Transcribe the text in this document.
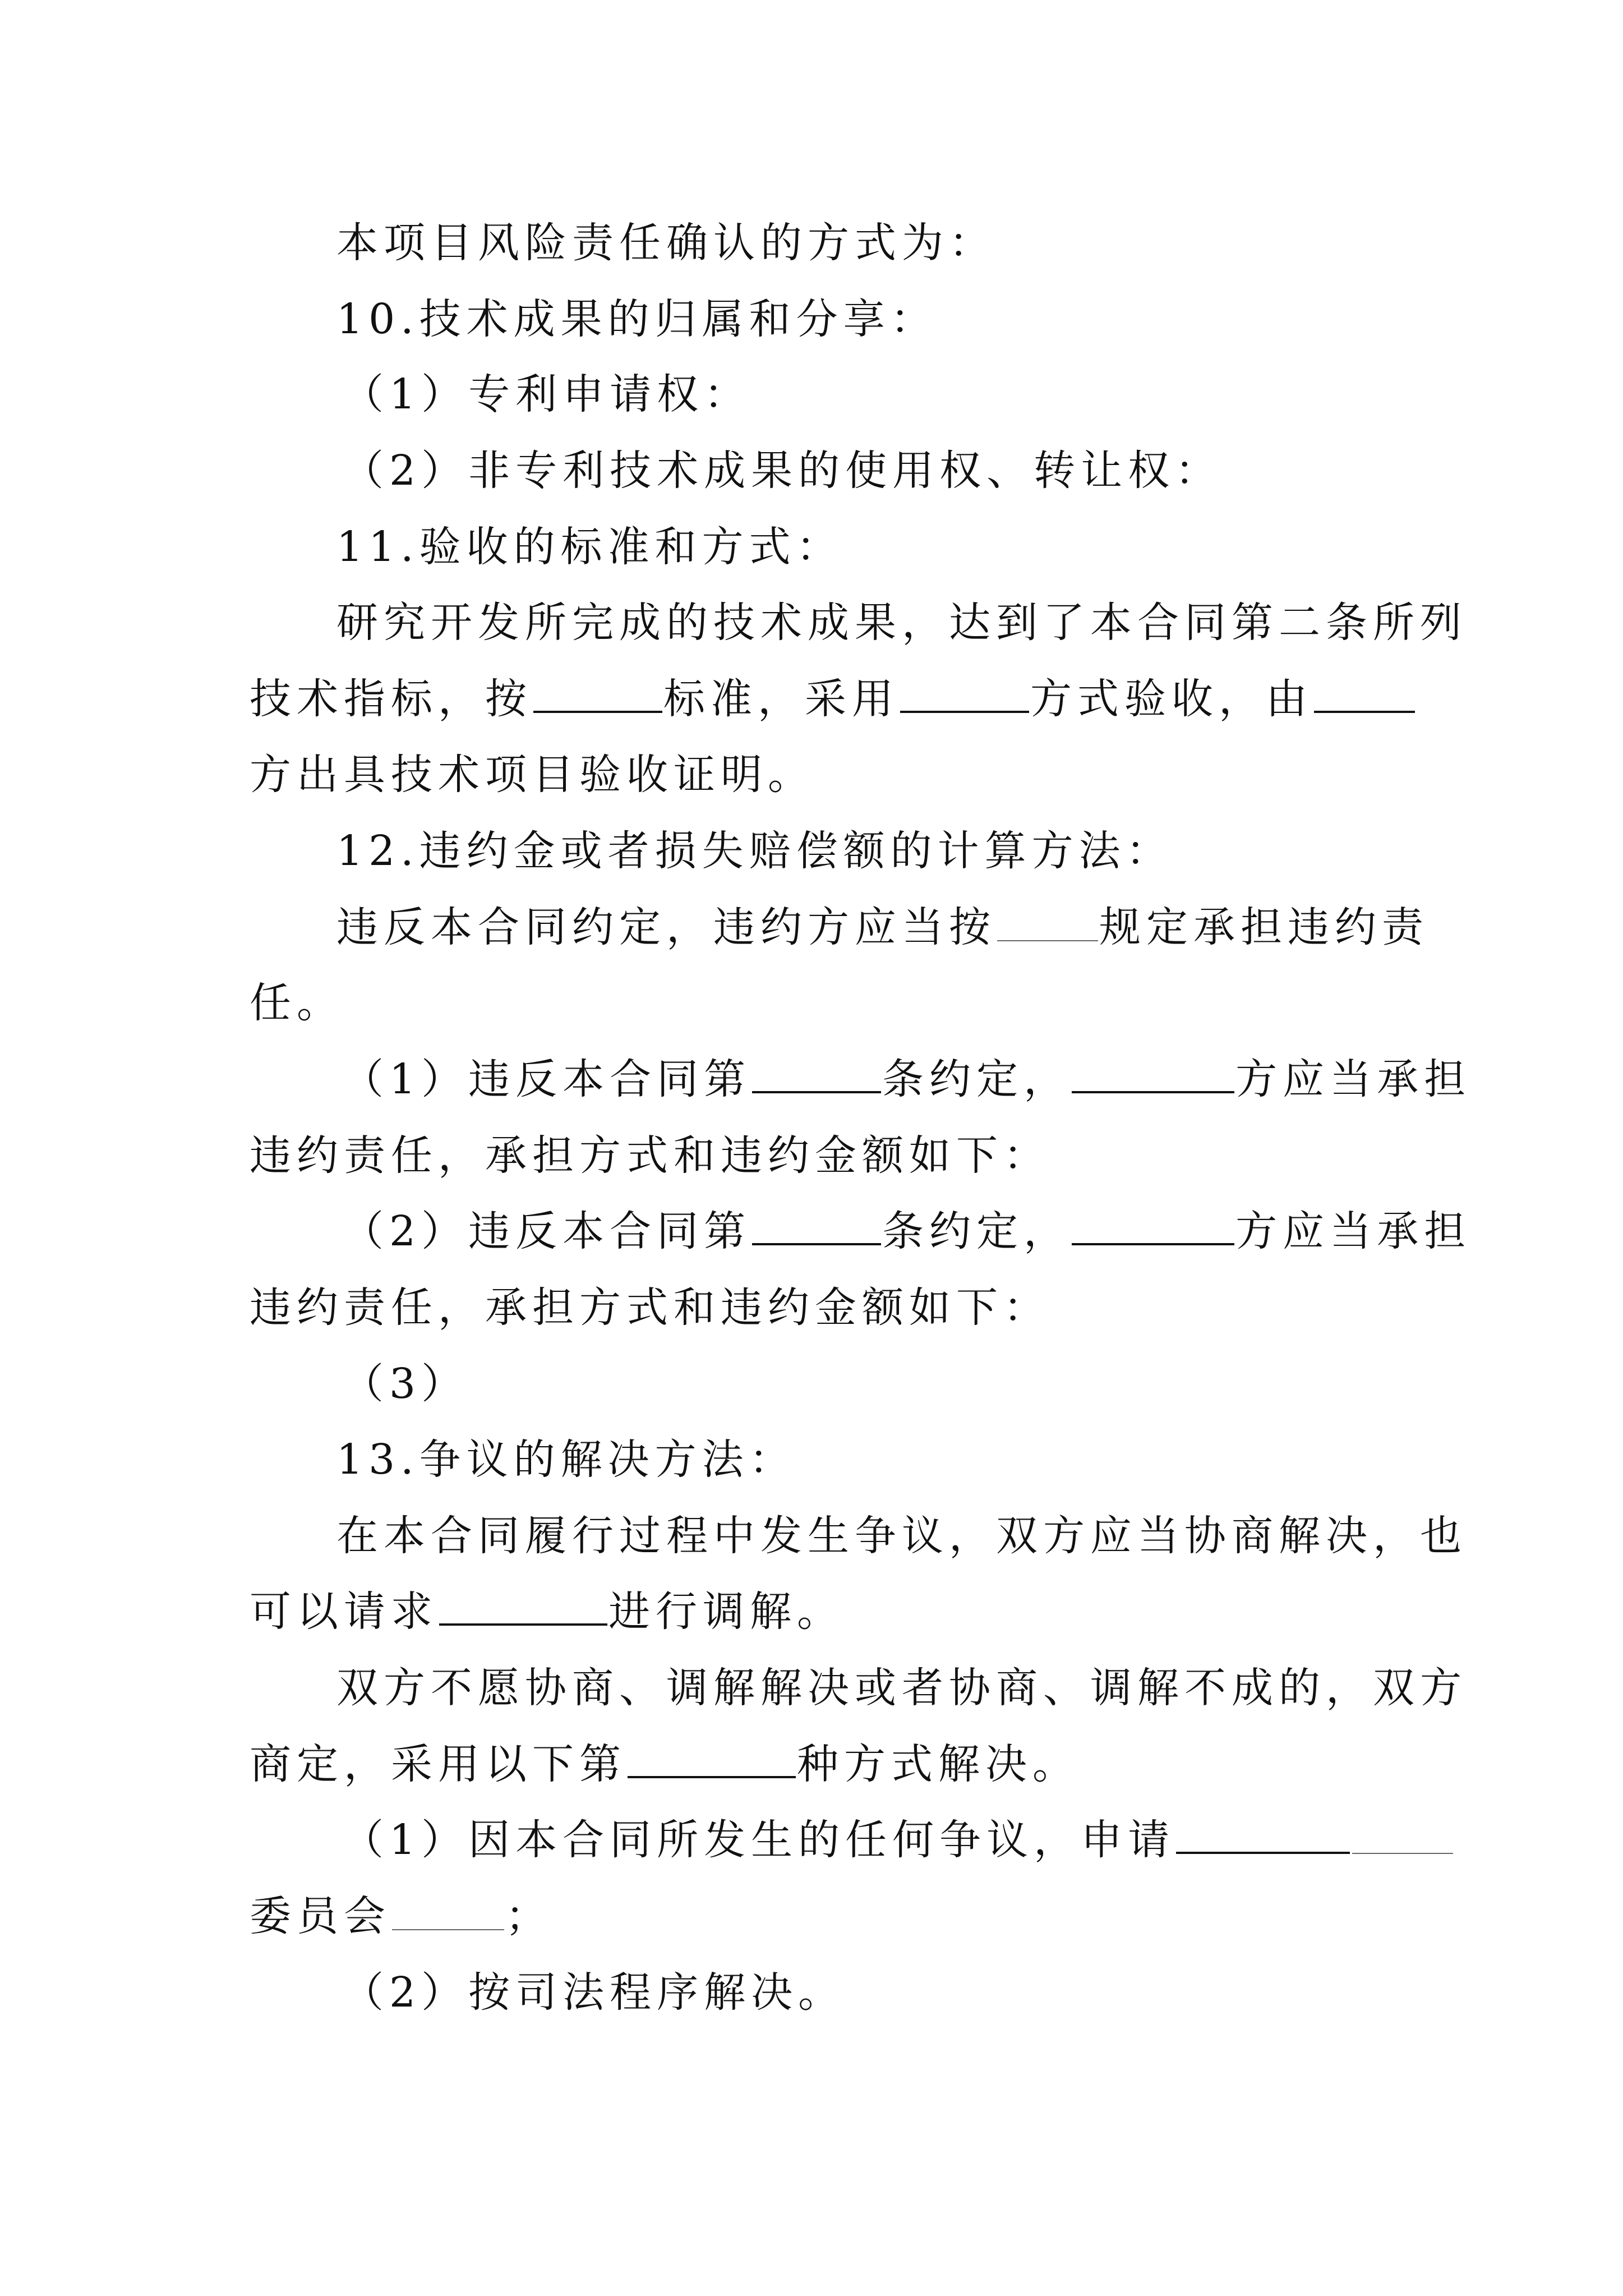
本项目风险责任确认的方式为：
10.技术成果的归属和分享：
（1）专利申请权：
（2）非专利技术成果的使用权、转让权：
11.验收的标准和方式：
研究开发所完成的技术成果，达到了本合同第二条所列
技术指标，按	标准，采用	方式验收，由
方出具技术项目验收证明。
12.违约金或者损失赔偿额的计算方法：
违反本合同约定，违约方应当按 规定承担违约责
任。
（1）违反本合同第	条约定，	方应当承担
违约责任，承担方式和违约金额如下：
（2）违反本合同第	条约定，	方应当承担
违约责任，承担方式和违约金额如下：
（3）
13.争议的解决方法：
在本合同履行过程中发生争议，双方应当协商解决，也
可以请求	进行调解。
双方不愿协商、调解解决或者协商、调解不成的，双方
商定，采用以下第	种方式解决。
（1）因本合同所发生的任何争议，申请
委员会	；
（2）按司法程序解决。
